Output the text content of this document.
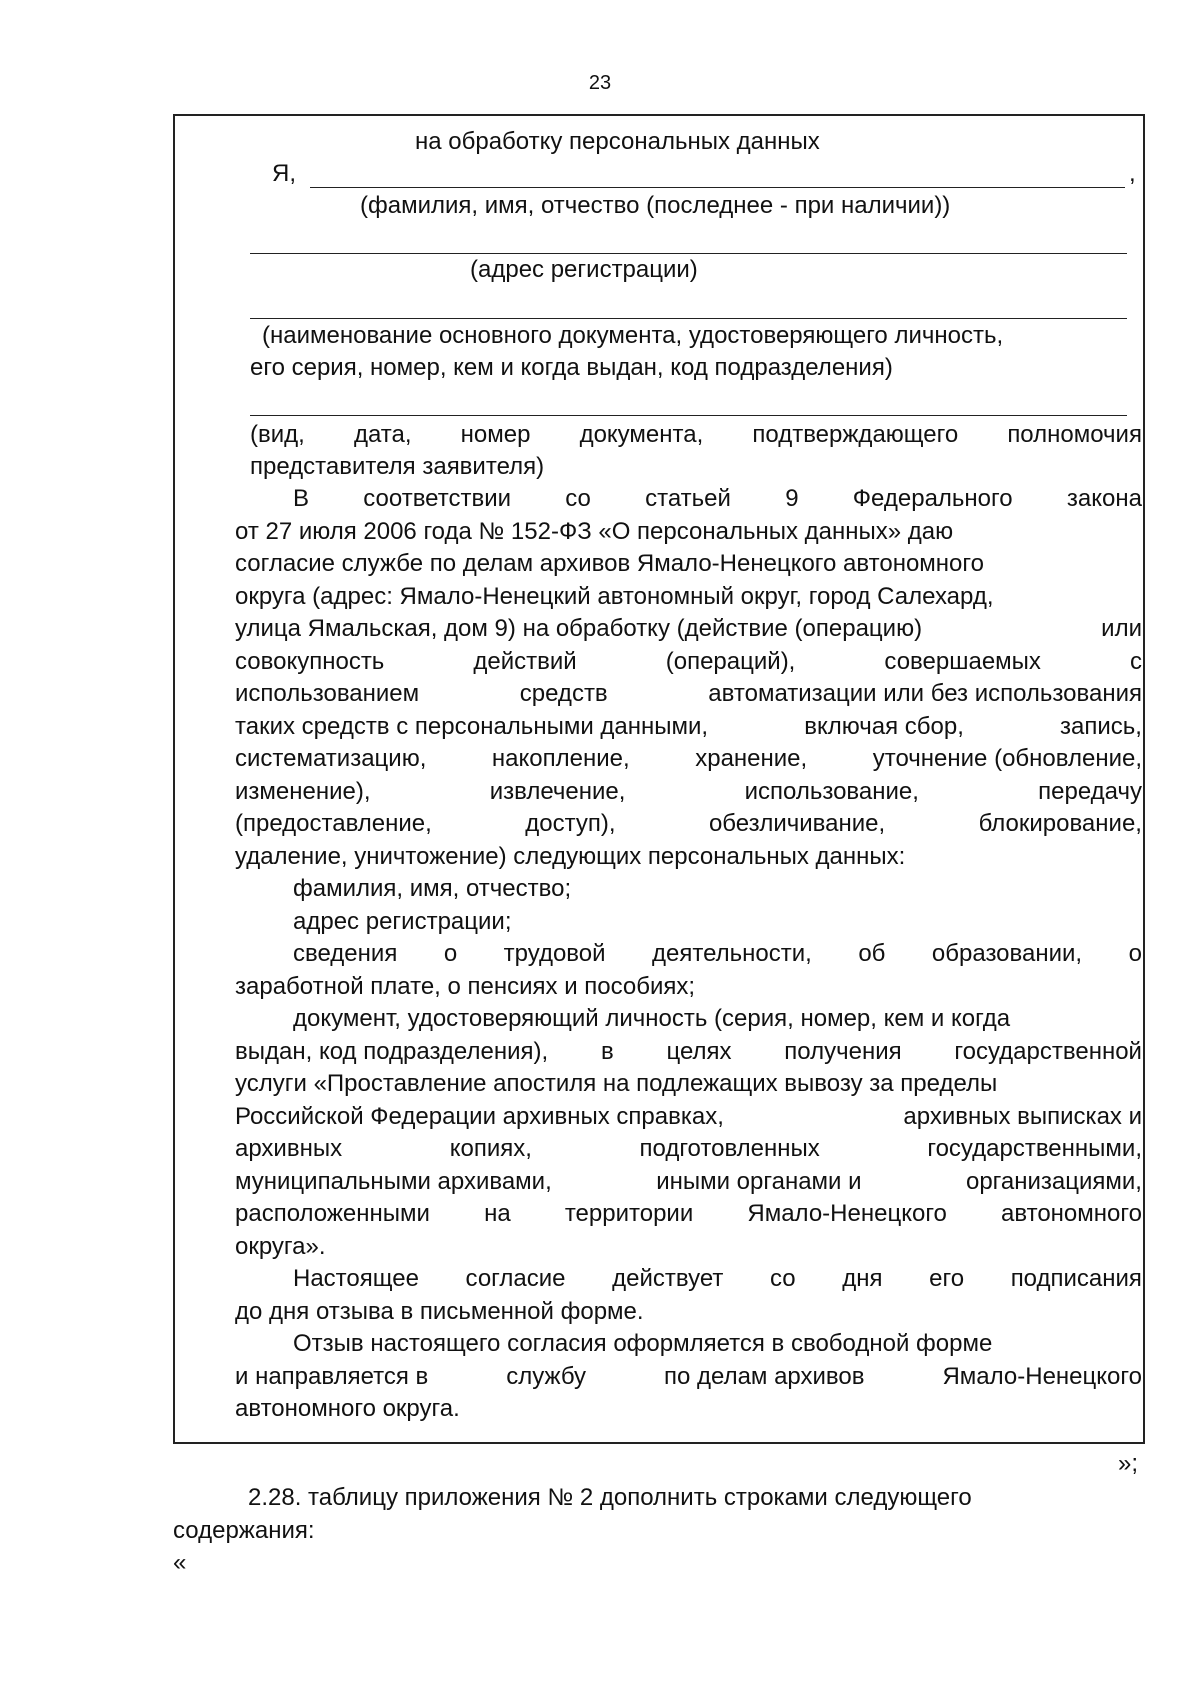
23
на обработку персональных данных
Я,	,
(фамилия, имя, отчество (последнее - при наличии))
(адрес регистрации)
(наименование основного документа, удостоверяющего личность,
его серия, номер, кем и когда выдан, код подразделения)
(вид, дата, номер документа, подтверждающего полномочия
представителя заявителя)
В соответствии со статьей 9 Федерального закона
от 27 июля 2006 года № 152-ФЗ «О персональных данных» даю
согласие службе по делам архивов Ямало-Ненецкого автономного
округа (адрес: Ямало-Ненецкий автономный округ, город Салехард,
улица Ямальская, дом 9) на обработку (действие (операцию)	или
совокупность	действий	(операций),	совершаемых	с
использованием	средств	автоматизации или без использования
таких средств с персональными данными,	включая сбор,	запись,
систематизацию,	накопление,	хранение,	уточнение (обновление,
изменение),	извлечение,	использование,	передачу
(предоставление,	доступ),	обезличивание,	блокирование,
удаление, уничтожение) следующих персональных данных:
фамилия, имя, отчество;
адрес регистрации;
сведения о трудовой деятельности, об образовании, о
заработной плате, о пенсиях и пособиях;
документ, удостоверяющий личность (серия, номер, кем и когда
выдан, код подразделения), в целях получения государственной
услуги «Проставление апостиля на подлежащих вывозу за пределы
Российской Федерации архивных справках,	архивных выписках и
архивных	копиях,	подготовленных	государственными,
муниципальными архивами,	иными органами и	организациями,
расположенными на территории Ямало-Ненецкого автономного
округа».
Настоящее согласие действует со дня его подписания
до дня отзыва в письменной форме.
Отзыв настоящего согласия оформляется в свободной форме
и направляется в	службу	по делам архивов	Ямало-Ненецкого
автономного округа.
»;
2.28. таблицу приложения № 2 дополнить строками следующего
содержания:
«
